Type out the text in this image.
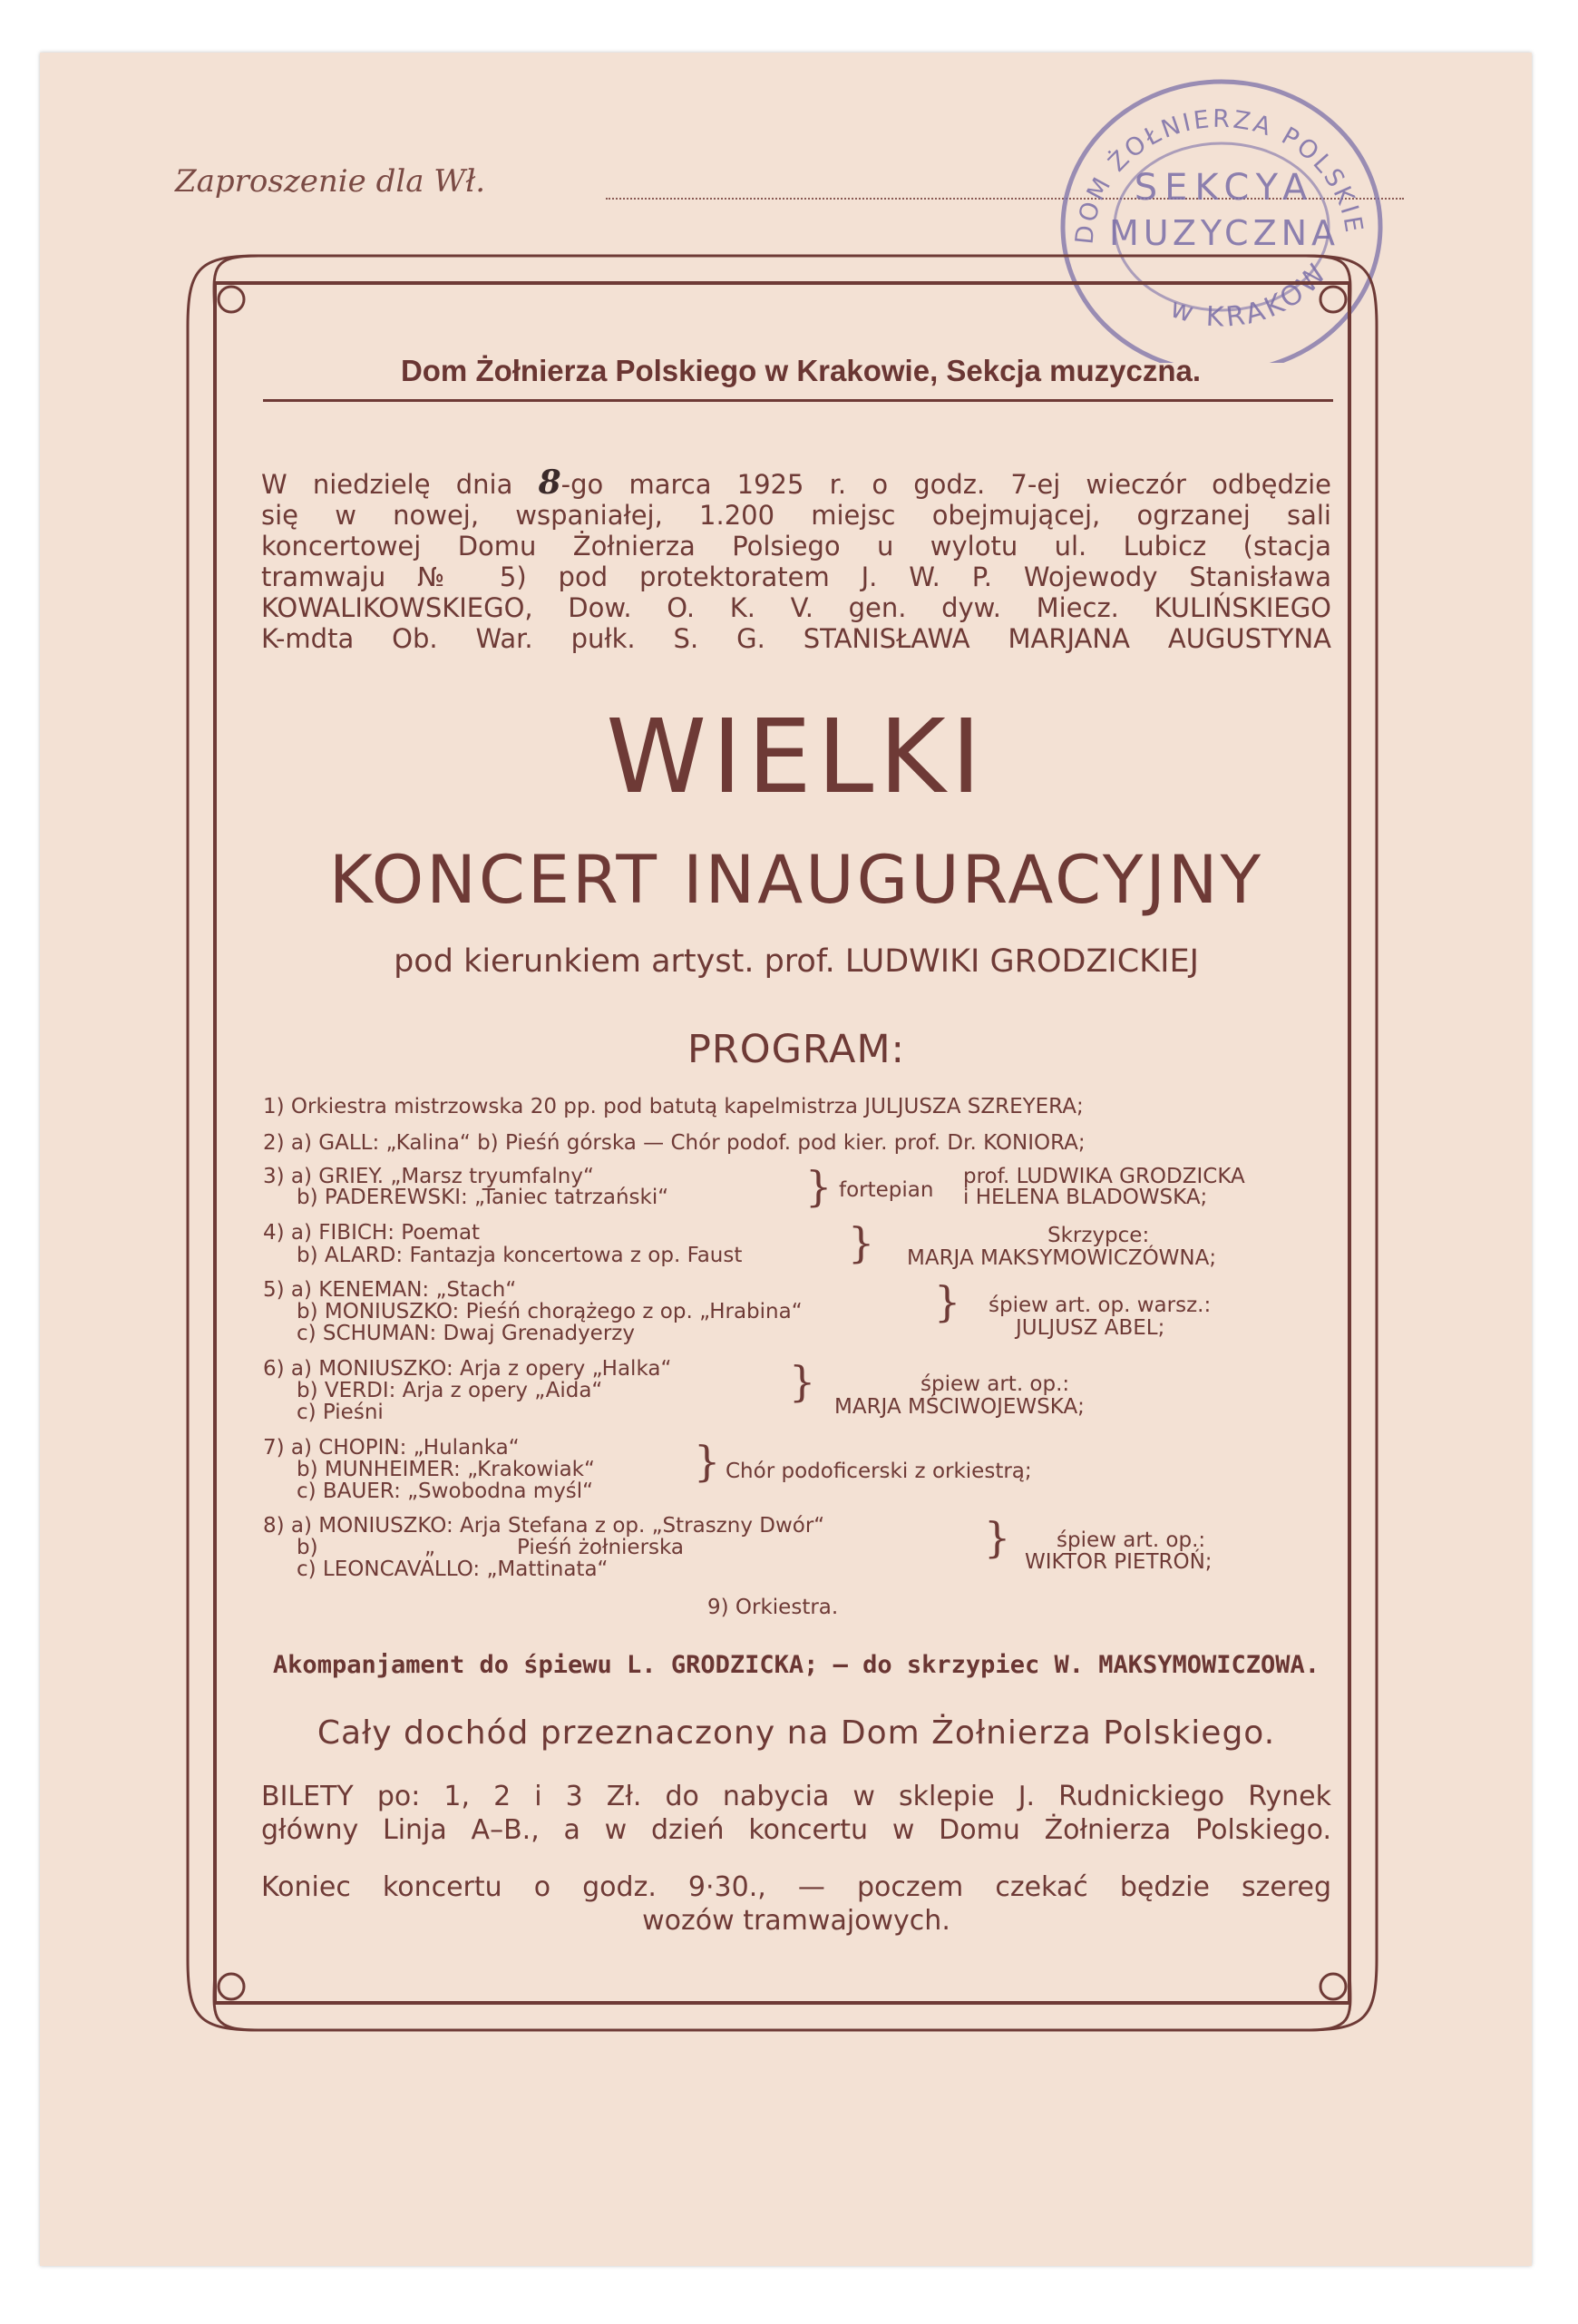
Zaproszenie dla Wł.
DOM ŻOŁNIERZA POLSKIE
w KRAKOW
SEKCYA
MUZYCZNA
Dom Żołnierza Polskiego w Krakowie, Sekcja muzyczna.
W niedzielę dnia 8-go marca 1925 r. o godz. 7-ej wieczór odbędzie
się w nowej, wspaniałej, 1.200 miejsc obejmującej, ogrzanej sali
koncertowej Domu Żołnierza Polsiego u wylotu ul. Lubicz (stacja
tramwaju № 5) pod protektoratem J. W. P. Wojewody Stanisława
KOWALIKOWSKIEGO, Dow. O. K. V. gen. dyw. Miecz. KULIŃSKIEGO
K-mdta Ob. War. pułk. S. G. STANISŁAWA MARJANA AUGUSTYNA
WIELKI
KONCERT INAUGURACYJNY
pod kierunkiem artyst. prof. LUDWIKI GRODZICKIEJ
PROGRAM:
1) Orkiestra mistrzowska 20 pp. pod batutą kapelmistrza JULJUSZA SZREYERA;
2) a) GALL: „Kalina“ b) Pieśń górska — Chór podof. pod kier. prof. Dr. KONIORA;
3) a) GRIEY. „Marsz tryumfalny“
b) PADEREWSKI: „Taniec tatrzański“	} fortepian
prof. LUDWIKA GRODZICKA
i HELENA BLADOWSKA;
4) a) FIBICH: Poemat
b) ALARD: Fantazja koncertowa z op. Faust	}	Skrzypce:
MARJA MAKSYMOWICZÓWNA;
5) a) KENEMAN: „Stach“
b) MONIUSZKO: Pieśń chorążego z op. „Hrabina“
c) SCHUMAN: Dwaj Grenadyerzy
} śpiew art. op. warsz.:
JULJUSZ ABEL;
6) a) MONIUSZKO: Arja z opery „Halka“
b) VERDI: Arja z opery „Aida“
c) Pieśni
}	śpiew art. op.:
MARJA MŚCIWOJEWSKA;
7) a) CHOPIN: „Hulanka“
b) MUNHEIMER: „Krakowiak“
c) BAUER: „Swobodna myśl“
} Chór podoficerski z orkiestrą;
8) a) MONIUSZKO: Arja Stefana z op. „Straszny Dwór“
b)	„	Pieśń żołnierska
c) LEONCAVALLO: „Mattinata“
} śpiew art. op.:
WIKTOR PIETROŃ;
9) Orkiestra.
Akompanjament do śpiewu L. GRODZICKA; — do skrzypiec W. MAKSYMOWICZOWA.
Cały dochód przeznaczony na Dom Żołnierza Polskiego.
BILETY po: 1, 2 i 3 Zł. do nabycia w sklepie J. Rudnickiego Rynek
główny Linja A–B., a w dzień koncertu w Domu Żołnierza Polskiego.
Koniec koncertu o godz. 9·30., — poczem czekać będzie szereg
wozów tramwajowych.
